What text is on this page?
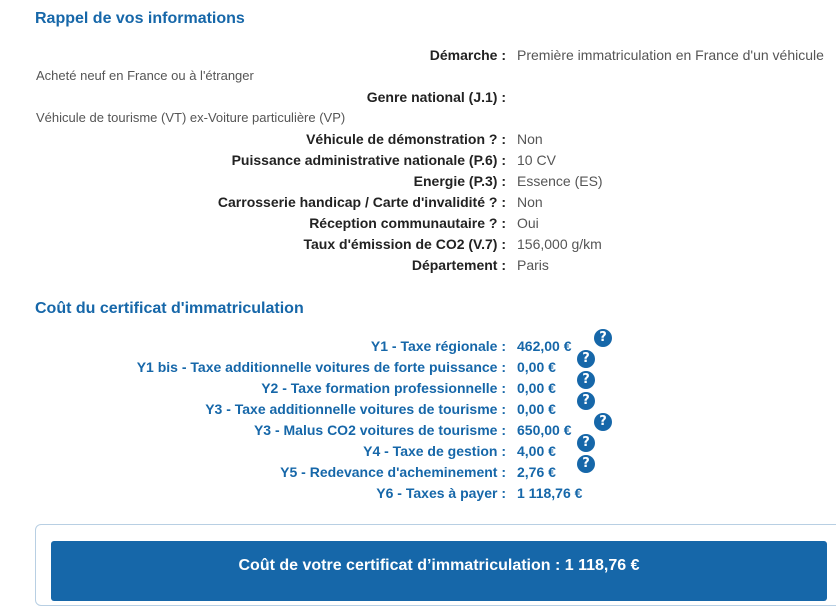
Rappel de vos informations
Démarche : Première immatriculation en France d'un véhicule
Acheté neuf en France ou à l'étranger
Genre national (J.1) :
Véhicule de tourisme (VT) ex-Voiture particulière (VP)
Véhicule de démonstration ? : Non
Puissance administrative nationale (P.6) : 10 CV
Energie (P.3) : Essence (ES)
Carrosserie handicap / Carte d'invalidité ? : Non
Réception communautaire ? : Oui
Taux d'émission de CO2 (V.7) : 156,000 g/km
Département : Paris
Coût du certificat d'immatriculation
Y1 - Taxe régionale : 462,00 €
?
Y1 bis - Taxe additionnelle voitures de forte puissance : 0,00 €
?
Y2 - Taxe formation professionnelle : 0,00 €
?
Y3 - Taxe additionnelle voitures de tourisme : 0,00 €
?
Y3 - Malus CO2 voitures de tourisme : 650,00 €
?
Y4 - Taxe de gestion : 4,00 €
?
Y5 - Redevance d'acheminement : 2,76 €
?
Y6 - Taxes à payer : 1 118,76 €
Coût de votre certificat d’immatriculation : 1 118,76 €
